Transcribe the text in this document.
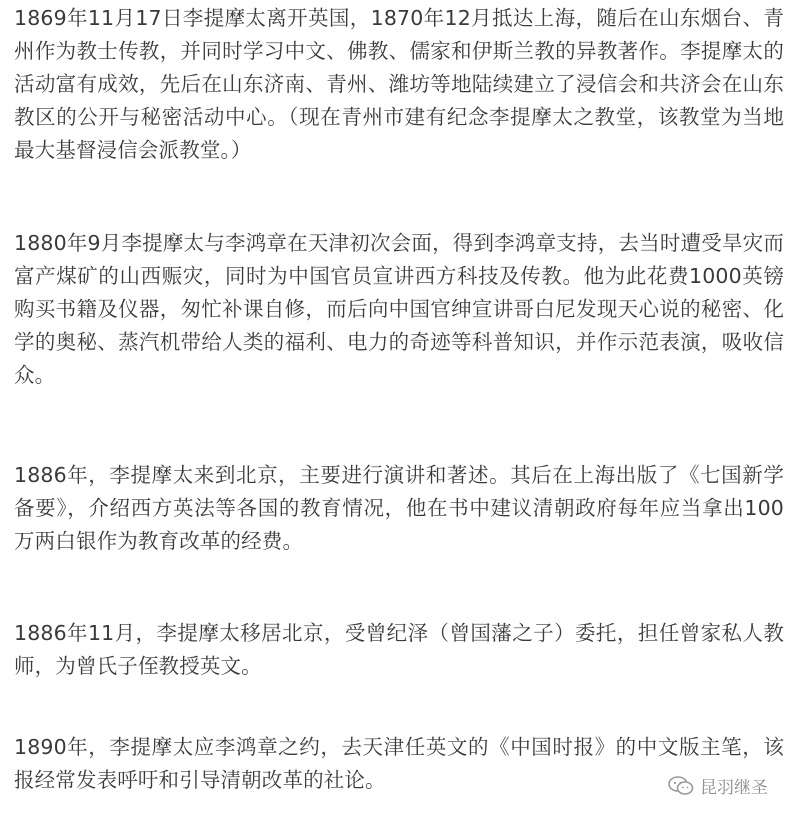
1869年11月17日李提摩太离开英国，1870年12月抵达上海，随后在山东烟台、青州作为教士传教，并同时学习中文、佛教、儒家和伊斯兰教的异教著作。李提摩太的活动富有成效，先后在山东济南、青州、潍坊等地陆续建立了浸信会和共济会在山东教区的公开与秘密活动中心。（现在青州市建有纪念李提摩太之教堂，该教堂为当地最大基督浸信会派教堂。）

1880年9月李提摩太与李鸿章在天津初次会面，得到李鸿章支持，去当时遭受旱灾而富产煤矿的山西赈灾，同时为中国官员宣讲西方科技及传教。他为此花费1000英镑购买书籍及仪器，匆忙补课自修，而后向中国官绅宣讲哥白尼发现天心说的秘密、化学的奥秘、蒸汽机带给人类的福利、电力的奇迹等科普知识，并作示范表演，吸收信众。

1886年，李提摩太来到北京，主要进行演讲和著述。其后在上海出版了《七国新学备要》，介绍西方英法等各国的教育情况，他在书中建议清朝政府每年应当拿出100万两白银作为教育改革的经费。

1886年11月，李提摩太移居北京，受曾纪泽（曾国藩之子）委托，担任曾家私人教师，为曾氏子侄教授英文。

1890年，李提摩太应李鸿章之约，去天津任英文的《中国时报》的中文版主笔，该报经常发表呼吁和引导清朝改革的社论。	昆羽继圣
